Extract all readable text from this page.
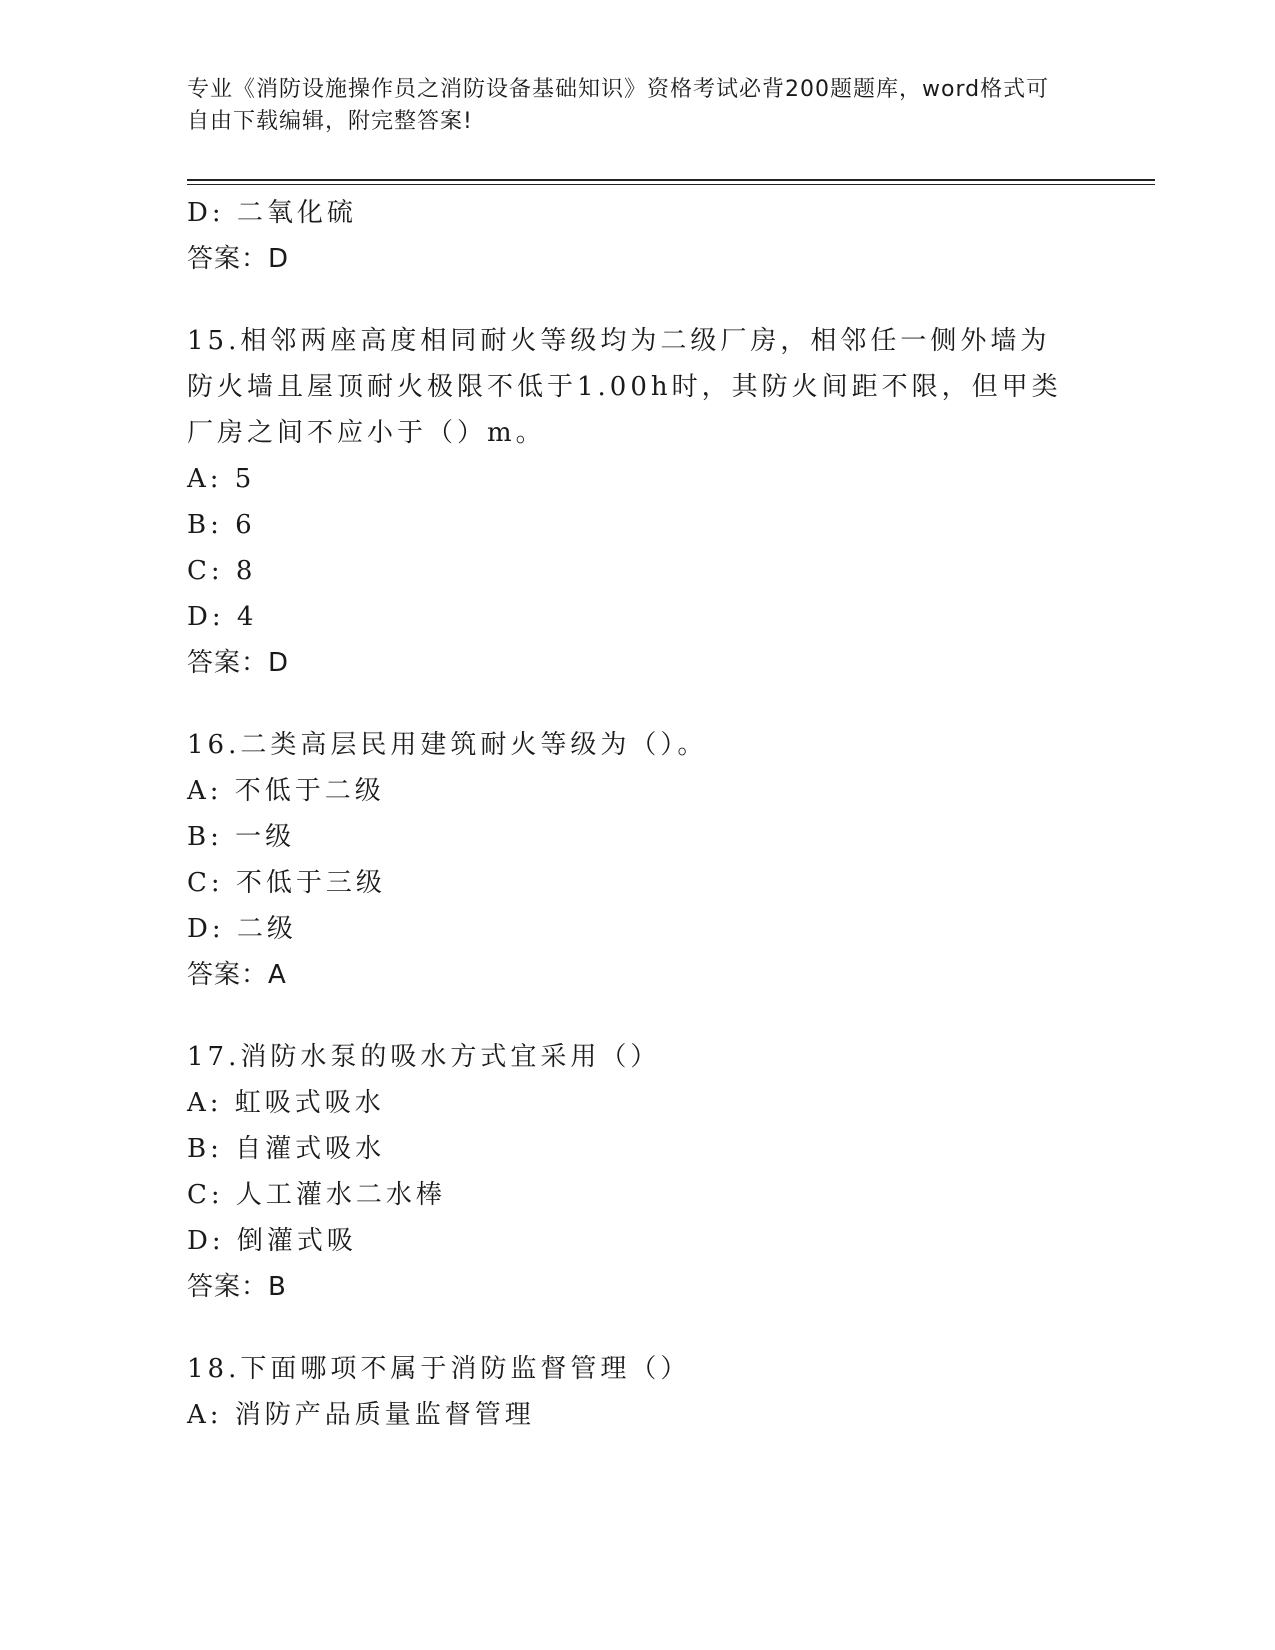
专业《消防设施操作员之消防设备基础知识》资格考试必背200题题库，word格式可自由下载编辑，附完整答案!
D: 二氧化硫
答案：D
15.相邻两座高度相同耐火等级均为二级厂房，相邻任一侧外墙为防火墙且屋顶耐火极限不低于1.00h时，其防火间距不限，但甲类厂房之间不应小于（）m。
A: 5
B: 6
C: 8
D: 4
答案：D
16.二类高层民用建筑耐火等级为（）。
A: 不低于二级
B: 一级
C: 不低于三级
D: 二级
答案：A
17.消防水泵的吸水方式宜采用（）
A: 虹吸式吸水
B: 自灌式吸水
C: 人工灌水二水棒
D: 倒灌式吸
答案：B
18.下面哪项不属于消防监督管理（）
A: 消防产品质量监督管理
